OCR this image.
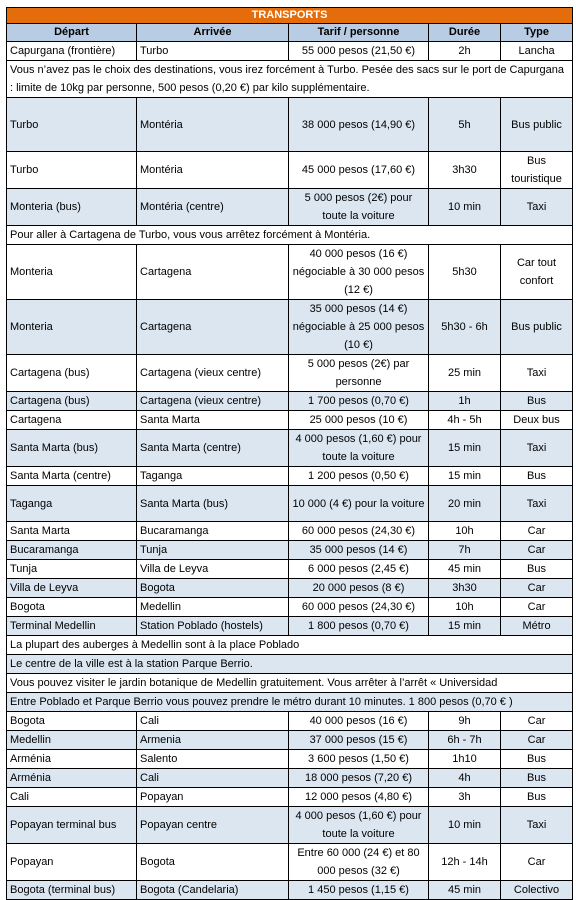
TRANSPORTS				
Départ	Arrivée	Tarif / personne	Durée	Type
Capurgana (frontière)	Turbo	55 000 pesos (21,50 €)	2h	Lancha
Vous n’avez pas le choix des destinations, vous irez forcément à Turbo. Pesée des sacs sur le port de Capurgana : limite de 10kg par personne, 500 pesos (0,20 €) par kilo supplémentaire.				
Turbo	Montéria	38 000 pesos (14,90 €)	5h	Bus public
Turbo	Montéria	45 000 pesos (17,60 €)	3h30	Bus touristique
Monteria (bus)	Montéria (centre)	5 000 pesos (2€) pour toute la voiture	10 min	Taxi
Pour aller à Cartagena de Turbo, vous vous arrêtez forcément à Montéria.				
Monteria	Cartagena	40 000 pesos (16 €) négociable à 30 000 pesos (12 €)	5h30	Car tout confort
Monteria	Cartagena	35 000 pesos (14 €) négociable à 25 000 pesos (10 €)	5h30 - 6h	Bus public
Cartagena (bus)	Cartagena (vieux centre)	5 000 pesos (2€) par personne	25 min	Taxi
Cartagena (bus)	Cartagena (vieux centre)	1 700 pesos (0,70 €)	1h	Bus
Cartagena	Santa Marta	25 000 pesos (10 €)	4h - 5h	Deux bus
Santa Marta (bus)	Santa Marta (centre)	4 000 pesos (1,60 €) pour toute la voiture	15 min	Taxi
Santa Marta (centre)	Taganga	1 200 pesos (0,50 €)	15 min	Bus
Taganga	Santa Marta (bus)	10 000 (4 €) pour la voiture	20 min	Taxi
Santa Marta	Bucaramanga	60 000 pesos (24,30 €)	10h	Car
Bucaramanga	Tunja	35 000 pesos (14 €)	7h	Car
Tunja	Villa de Leyva	6 000 pesos (2,45 €)	45 min	Bus
Villa de Leyva	Bogota	20 000 pesos (8 €)	3h30	Car
Bogota	Medellin	60 000 pesos (24,30 €)	10h	Car
Terminal Medellin	Station Poblado (hostels)	1 800 pesos (0,70 €)	15 min	Métro
La plupart des auberges à Medellin sont à la place Poblado				
Le centre de la ville est à la station Parque Berrio.				
Vous pouvez visiter le jardin botanique de Medellin gratuitement. Vous arrêter à l’arrêt « Universidad				
Entre Poblado et Parque Berrio vous pouvez prendre le métro durant 10 minutes. 1 800 pesos (0,70 € )				
Bogota	Cali	40 000 pesos (16 €)	9h	Car
Medellin	Armenia	37 000 pesos (15 €)	6h - 7h	Car
Arménia	Salento	3 600 pesos (1,50 €)	1h10	Bus
Arménia	Cali	18 000 pesos (7,20 €)	4h	Bus
Cali	Popayan	12 000 pesos (4,80 €)	3h	Bus
Popayan terminal bus	Popayan centre	4 000 pesos (1,60 €) pour toute la voiture	10 min	Taxi
Popayan	Bogota	Entre 60 000 (24 €) et 80 000 pesos (32 €)	12h - 14h	Car
Bogota (terminal bus)	Bogota (Candelaria)	1 450 pesos (1,15 €)	45 min	Colectivo
